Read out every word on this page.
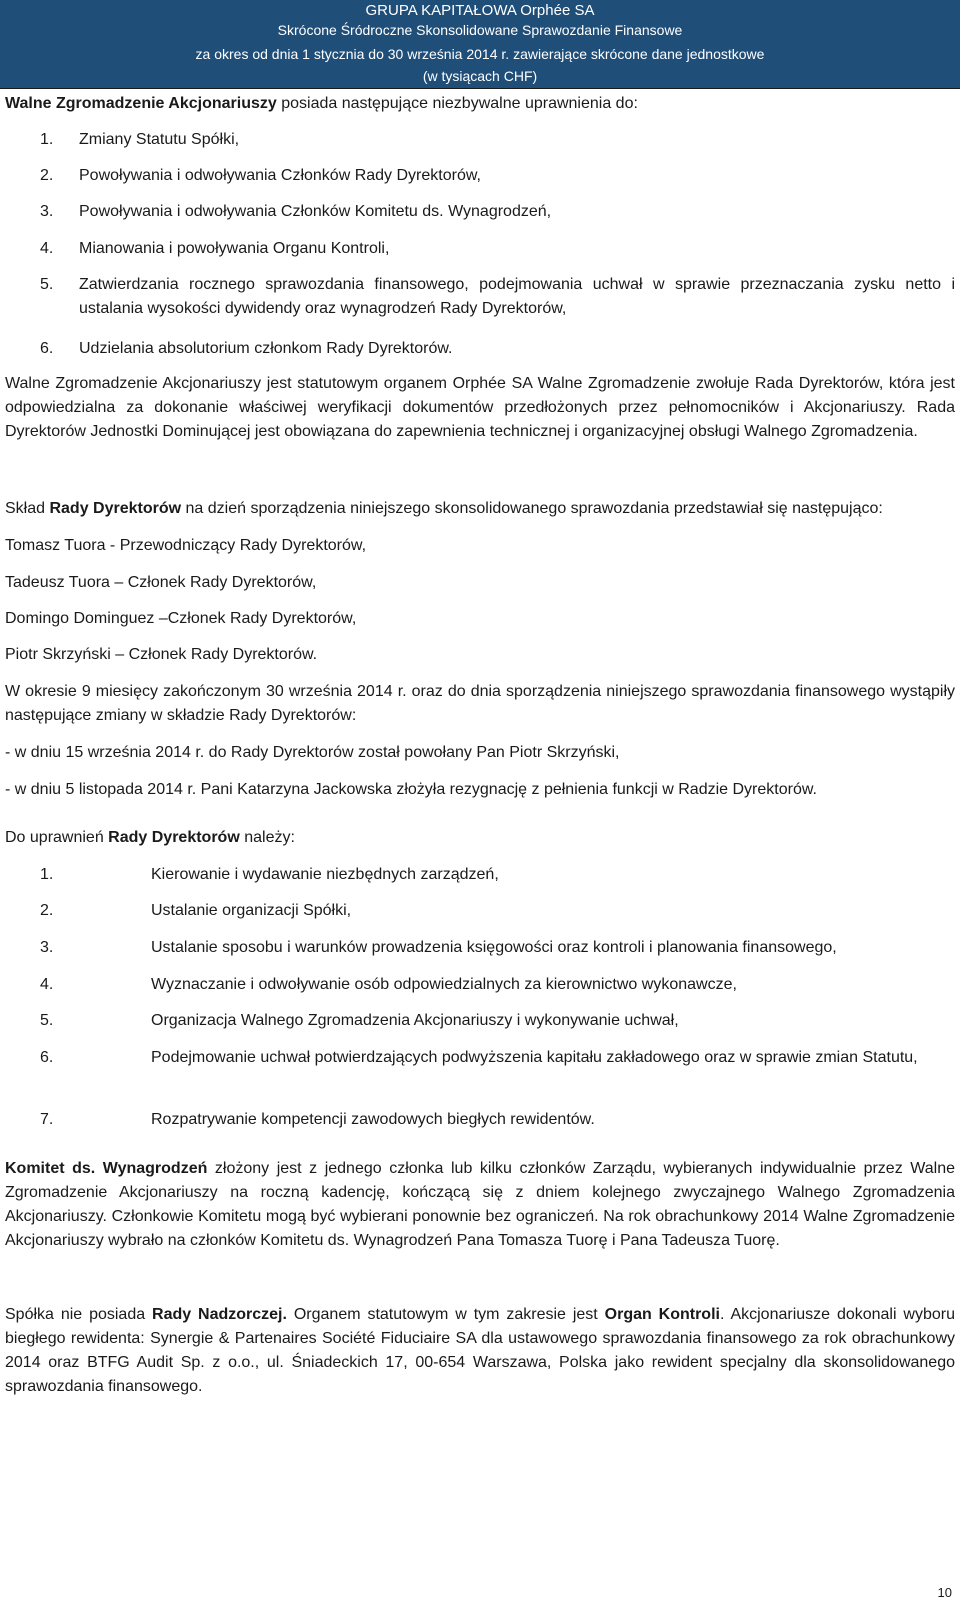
GRUPA KAPITAŁOWA Orphée SA
Skrócone Śródroczne Skonsolidowane Sprawozdanie Finansowe
za okres od dnia 1 stycznia do 30 września 2014 r. zawierające skrócone dane jednostkowe
(w tysiącach CHF)
Walne Zgromadzenie Akcjonariuszy posiada następujące niezbywalne uprawnienia do:
1.	Zmiany Statutu Spółki,
2.	Powoływania i odwoływania Członków Rady Dyrektorów,
3.	Powoływania i odwoływania Członków Komitetu ds. Wynagrodzeń,
4.	Mianowania i powoływania Organu Kontroli,
5.	Zatwierdzania rocznego sprawozdania finansowego, podejmowania uchwał w sprawie przeznaczania zysku netto i ustalania wysokości dywidendy oraz wynagrodzeń Rady Dyrektorów,
6.	Udzielania absolutorium członkom Rady Dyrektorów.
Walne Zgromadzenie Akcjonariuszy jest statutowym organem Orphée SA Walne Zgromadzenie zwołuje Rada Dyrektorów, która jest odpowiedzialna za dokonanie właściwej weryfikacji dokumentów przedłożonych przez pełnomocników i Akcjonariuszy. Rada Dyrektorów Jednostki Dominującej jest obowiązana do zapewnienia technicznej i organizacyjnej obsługi Walnego Zgromadzenia.
Skład Rady Dyrektorów na dzień sporządzenia niniejszego skonsolidowanego sprawozdania przedstawiał się następująco:
Tomasz Tuora - Przewodniczący Rady Dyrektorów,
Tadeusz Tuora – Członek Rady Dyrektorów,
Domingo Dominguez –Członek Rady Dyrektorów,
Piotr Skrzyński – Członek Rady Dyrektorów.
W okresie 9 miesięcy zakończonym 30 września 2014 r. oraz do dnia sporządzenia niniejszego sprawozdania finansowego wystąpiły następujące zmiany w składzie Rady Dyrektorów:
- w dniu 15 września 2014 r. do Rady Dyrektorów został powołany Pan Piotr Skrzyński,
- w dniu 5 listopada 2014 r. Pani Katarzyna Jackowska złożyła rezygnację z pełnienia funkcji w Radzie Dyrektorów.
Do uprawnień Rady Dyrektorów należy:
1.	Kierowanie i wydawanie niezbędnych zarządzeń,
2.	Ustalanie organizacji Spółki,
3.	Ustalanie sposobu i warunków prowadzenia księgowości oraz kontroli i planowania finansowego,
4.	Wyznaczanie i odwoływanie osób odpowiedzialnych za kierownictwo wykonawcze,
5.	Organizacja Walnego Zgromadzenia Akcjonariuszy i wykonywanie uchwał,
6.	Podejmowanie uchwał potwierdzających podwyższenia kapitału zakładowego oraz w sprawie zmian Statutu,
7.	Rozpatrywanie kompetencji zawodowych biegłych rewidentów.
Komitet ds. Wynagrodzeń złożony jest z jednego członka lub kilku członków Zarządu, wybieranych indywidualnie przez Walne Zgromadzenie Akcjonariuszy na roczną kadencję, kończącą się z dniem kolejnego zwyczajnego Walnego Zgromadzenia Akcjonariuszy. Członkowie Komitetu mogą być wybierani ponownie bez ograniczeń. Na rok obrachunkowy 2014 Walne Zgromadzenie Akcjonariuszy wybrało na członków Komitetu ds. Wynagrodzeń Pana Tomasza Tuorę i Pana Tadeusza Tuorę.
Spółka nie posiada Rady Nadzorczej. Organem statutowym w tym zakresie jest Organ Kontroli. Akcjonariusze dokonali wyboru biegłego rewidenta: Synergie & Partenaires Société Fiduciaire SA dla ustawowego sprawozdania finansowego za rok obrachunkowy 2014 oraz BTFG Audit Sp. z o.o., ul. Śniadeckich 17, 00-654 Warszawa, Polska jako rewident specjalny dla skonsolidowanego sprawozdania finansowego.
10
